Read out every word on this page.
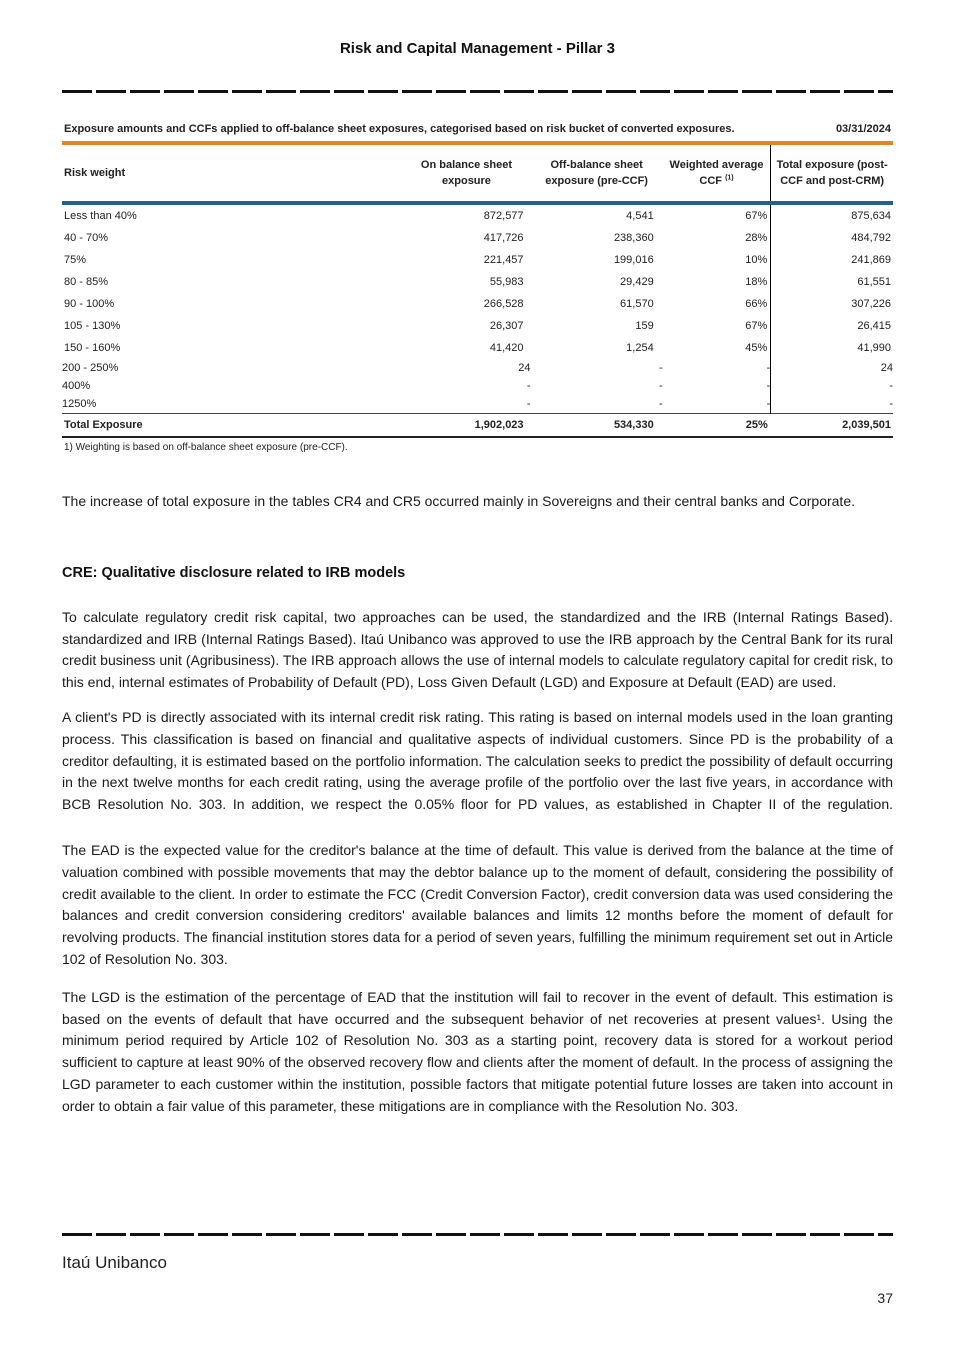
Risk and Capital Management - Pillar 3
Exposure amounts and CCFs applied to off-balance sheet exposures, categorised based on risk bucket of converted exposures.	03/31/2024
Risk weight	On balance sheet exposure	Off-balance sheet exposure (pre-CCF)	Weighted average CCF $^{(1)}$	Total exposure (post-CCF and post-CRM)
Less than 40%	872,577	4,541	67%	875,634
40 - 70%	417,726	238,360	28%	484,792
75%	221,457	199,016	10%	241,869
80 - 85%	55,983	29,429	18%	61,551
90 - 100%	266,528	61,570	66%	307,226
105 - 130%	26,307	159	67%	26,415
150 - 160%	41,420	1,254	45%	41,990
200 - 250%	24	-	-	24
400%	-	-	-	-
1250%	-	-	-	-
Total Exposure	1,902,023	534,330	25%	2,039,501
1) Weighting is based on off-balance sheet exposure (pre-CCF).

The increase of total exposure in the tables CR4 and CR5 occurred mainly in Sovereigns and their central banks and Corporate.

CRE: Qualitative disclosure related to IRB models

To calculate regulatory credit risk capital, two approaches can be used, the standardized and the IRB (Internal Ratings Based). standardized and IRB (Internal Ratings Based). Itaú Unibanco was approved to use the IRB approach by the Central Bank for its rural credit business unit (Agribusiness). The IRB approach allows the use of internal models to calculate regulatory capital for credit risk, to this end, internal estimates of Probability of Default (PD), Loss Given Default (LGD) and Exposure at Default (EAD) are used.

A client's PD is directly associated with its internal credit risk rating. This rating is based on internal models used in the loan granting process. This classification is based on financial and qualitative aspects of individual customers. Since PD is the probability of a creditor defaulting, it is estimated based on the portfolio information. The calculation seeks to predict the possibility of default occurring in the next twelve months for each credit rating, using the average profile of the portfolio over the last five years, in accordance with BCB Resolution No. 303. In addition, we respect the 0.05% floor for PD values, as established in Chapter II of the regulation.

The EAD is the expected value for the creditor's balance at the time of default. This value is derived from the balance at the time of valuation combined with possible movements that may the debtor balance up to the moment of default, considering the possibility of credit available to the client. In order to estimate the FCC (Credit Conversion Factor), credit conversion data was used considering the balances and credit conversion considering creditors' available balances and limits 12 months before the moment of default for revolving products. The financial institution stores data for a period of seven years, fulfilling the minimum requirement set out in Article 102 of Resolution No. 303.

The LGD is the estimation of the percentage of EAD that the institution will fail to recover in the event of default. This estimation is based on the events of default that have occurred and the subsequent behavior of net recoveries at present values¹. Using the minimum period required by Article 102 of Resolution No. 303 as a starting point, recovery data is stored for a workout period sufficient to capture at least 90% of the observed recovery flow and clients after the moment of default. In the process of assigning the LGD parameter to each customer within the institution, possible factors that mitigate potential future losses are taken into account in order to obtain a fair value of this parameter, these mitigations are in compliance with the Resolution No. 303.

Itaú Unibanco
37
